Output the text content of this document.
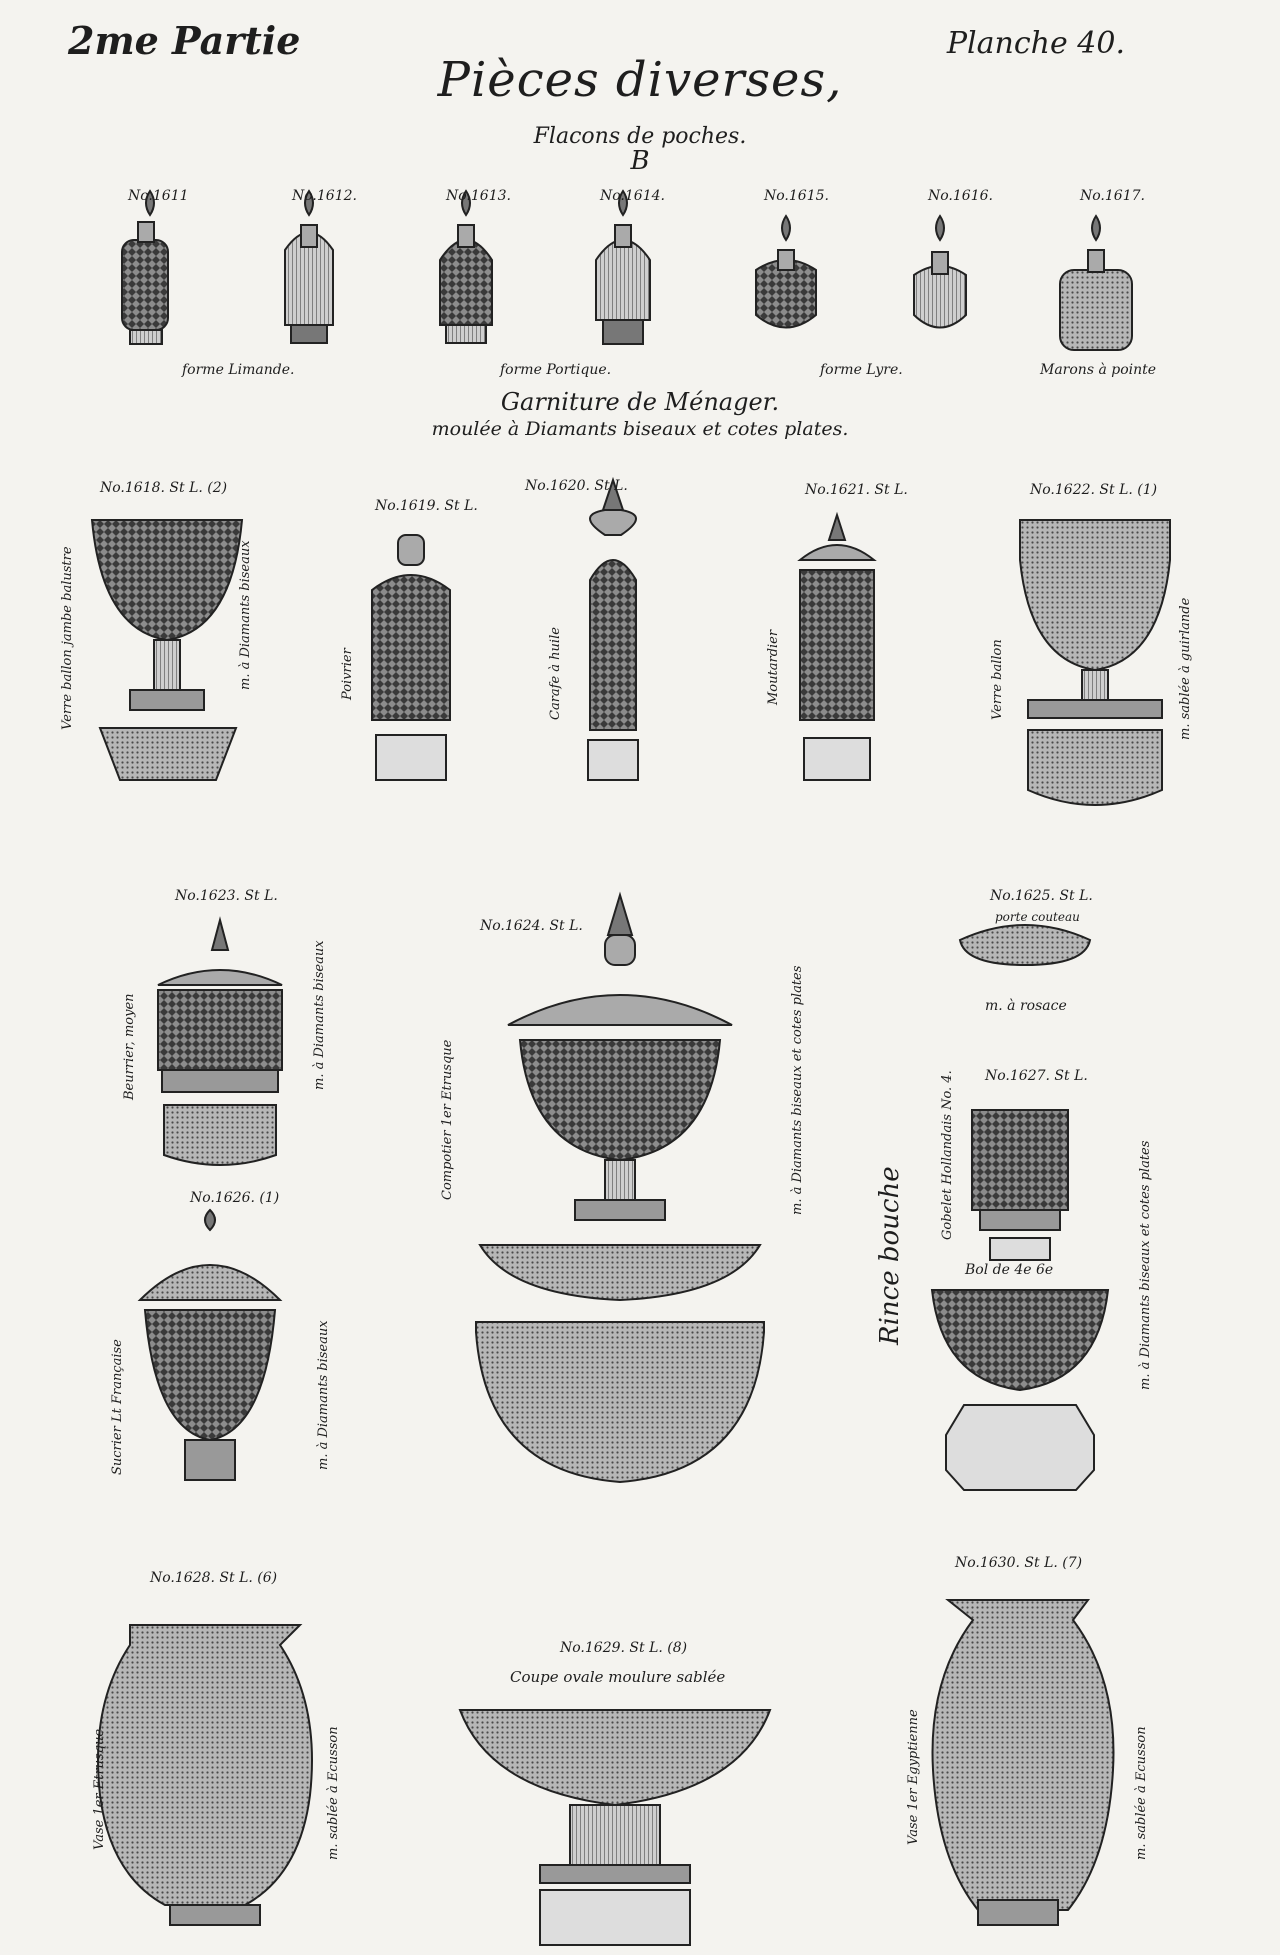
2me Partie	Planche 40.
Pièces diverses,
Flacons de poches.
B
No.1611	No.1612.	No.1613.	No.1614.	No.1615.	No.1616.	No.1617.
forme Limande.	forme Portique.	forme Lyre.	Marons à pointe
Garniture de Ménager.
moulée à Diamants biseaux et cotes plates.
No.1618. St L. (2)
No.1619. St L.
No.1620. St L.	No.1621. St L.	No.1622. St L. (1)
Verre ballon jambe balustre	m. à Diamants biseaux	Poivrier	Carafe à huile	Moutardier	Verre ballon	m. sablée à guirlande
No.1623. St L.
Beurrier, moyen	m. à Diamants biseaux
No.1624. St L.
Compotier 1er Etrusque	m. à Diamants biseaux et cotes plates
No.1625. St L.
porte couteau
m. à rosace
No.1626. (1)
Sucrier Lt Française	m. à Diamants biseaux
No.1627. St L.
Gobelet Hollandais No. 4.
Bol de 4e 6e	m. à Diamants biseaux et cotes plates
Rince bouche
No.1628. St L. (6)
Vase 1er Etrusque	m. sablée à Ecusson
No.1629. St L. (8)
Coupe ovale moulure sablée
No.1630. St L. (7)
Vase 1er Egyptienne	m. sablée à Ecusson
